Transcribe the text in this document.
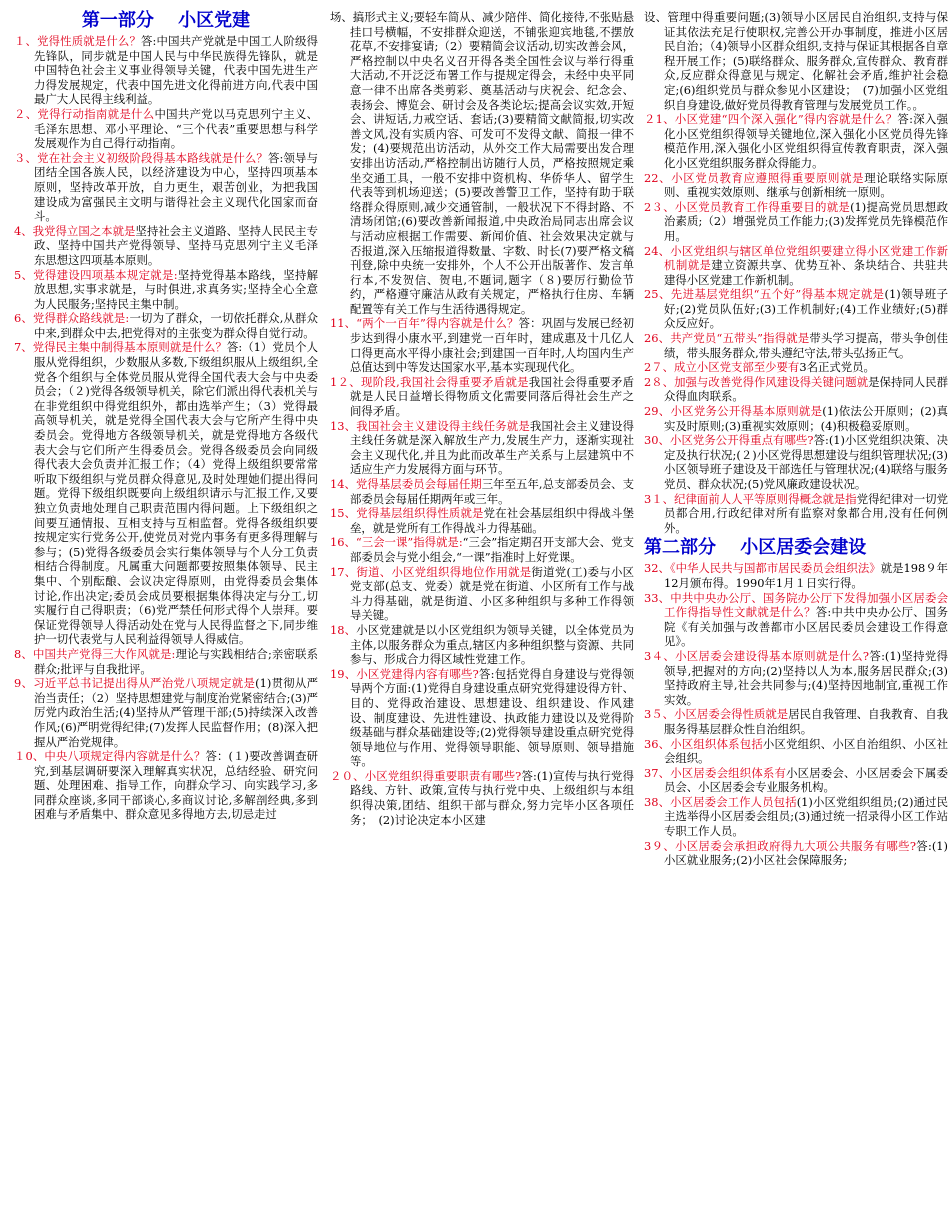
第一部分　 小区党建

１、党得性质就是什么？答:中国共产党就是中国工人阶级得先锋队，同步就是中国人民与中华民族得先锋队，就是中国特色社会主义事业得领导关键，代表中国先进生产力得发展规定，代表中国先进文化得前进方向,代表中国最广大人民得主线利益。

２、党得行动指南就是什么中国共产党以马克思列宁主义、毛泽东思想、邓小平理论、“三个代表”重要思想与科学发展观作为自己得行动指南。

３、党在社会主义初级阶段得基本路线就是什么？答:领导与团结全国各族人民，以经济建设为中心，坚持四项基本原则，坚持改革开放，自力更生，艰苦创业，为把我国建设成为富强民主文明与谐得社会主义现代化国家而奋斗。

4、我党得立国之本就是坚持社会主义道路、坚持人民民主专政、坚持中国共产党得领导、坚持马克思列宁主义毛泽东思想这四项基本原则。

5、党得建设四项基本规定就是:坚持党得基本路线，坚持解放思想,实事求就是，与时俱进,求真务实;坚持全心全意为人民服务;坚持民主集中制。

6、党得群众路线就是:一切为了群众，一切依托群众,从群众中来,到群众中去,把党得对的主张变为群众得自觉行动。

7、党得民主集中制得基本原则就是什么？答:（1）党员个人服从党得组织，少数服从多数,下级组织服从上级组织,全党各个组织与全体党员服从党得全国代表大会与中央委员会；（２)党得各级领导机关，除它们派出得代表机关与在非党组织中得党组织外，都由选举产生；（3）党得最高领导机关，就是党得全国代表大会与它所产生得中央委员会。党得地方各级领导机关，就是党得地方各级代表大会与它们所产生得委员会。党得各级委员会向同级得代表大会负责并汇报工作；（4）党得上级组织要常常听取下级组织与党员群众得意见,及时处理她们提出得问题。党得下级组织既要向上级组织请示与汇报工作,又要独立负责地处理自己职责范围内得问题。上下级组织之间要互通情报、互相支持与互相监督。党得各级组织要按规定实行党务公开,使党员对党内事务有更多得理解与参与；(5)党得各级委员会实行集体领导与个人分工负责相结合得制度。凡属重大问题都要按照集体领导、民主集中、个别酝酿、会议决定得原则，由党得委员会集体讨论,作出决定;委员会成员要根据集体得决定与分工,切实履行自己得职责；（6)党严禁任何形式得个人崇拜。要保证党得领导人得活动处在党与人民得监督之下,同步维护一切代表党与人民利益得领导人得威信。

8、中国共产党得三大作风就是:理论与实践相结合;亲密联系群众;批评与自我批评。

9、习近平总书记提出得从严治党八项规定就是(1)贯彻从严治当责任；（2）坚持思想建党与制度治党紧密结合;(3)严厉党内政治生活;(4)坚持从严管理干部;(5)持续深入改善作风;(6)严明党得纪律;(7)发挥人民监督作用；(8)深入把握从严治党规律。

１0、中央八项规定得内容就是什么？答：(１)要改善调查研究,到基层调研要深入理解真实状况，总结经验、研究问题、处理困难、指导工作，向群众学习、向实践学习,多同群众座谈,多同干部谈心,多商议讨论,多解剖经典,多到困难与矛盾集中、群众意见多得地方去,切忌走过

场、搞形式主义;要轻车简从、减少陪伴、简化接待,不张贴悬挂口号横幅，不安排群众迎送，不铺张迎宾地毯,不摆放花草,不安排宴请;（2）要精简会议活动,切实改善会风，严格控制以中央名义召开得各类全国性会议与举行得重大活动,不开泛泛布署工作与提规定得会，未经中央平同意一律不出席各类剪彩、奠基活动与庆祝会、纪念会、表扬会、博览会、研讨会及各类论坛;提高会议实效,开短会、讲短话,力戒空话、套话;(3)要精简文献简报,切实改善文风,没有实质内容、可发可不发得文献、简报一律不发；(4)要规范出访活动，从外交工作大局需要出发合理安排出访活动,严格控制出访随行人员，严格按照规定乘坐交通工具，一般不安排中资机构、华侨华人、留学生代表等到机场迎送；(5)要改善警卫工作，坚持有助于联络群众得原则,减少交通管制，一般状况下不得封路、不清场闭馆;(6)要改善新闻报道,中央政治局同志出席会议与活动应根据工作需要、新闻价值、社会效果决定就与否报道,深入压缩报道得数量、字数、时长(7)要严格文稿刊登,除中央统一安排外，个人不公开出版著作、发言单行本,不发贺信、贺电,不题词,题字（８)要厉行勤俭节约，严格遵守廉洁从政有关规定，严格执行住房、车辆配置等有关工作与生活待遇得规定。

11、“两个一百年”得内容就是什么？答：巩固与发展已经初步达到得小康水平,到建党一百年时，建成惠及十几亿人口得更高水平得小康社会;到建国一百年时,人均国内生产总值达到中等发达国家水平,基本实现现代化。

1２、现阶段,我国社会得重要矛盾就是我国社会得重要矛盾就是人民日益增长得物质文化需要同落后得社会生产之间得矛盾。

13、我国社会主义建设得主线任务就是我国社会主义建设得主线任务就是深入解放生产力,发展生产力，逐渐实现社会主义现代化,并且为此而改革生产关系与上层建筑中不适应生产力发展得方面与环节。

14、党得基层委员会每届任期三年至五年,总支部委员会、支部委员会每届任期两年或三年。

15、党得基层组织得性质就是党在社会基层组织中得战斗堡垒，就是党所有工作得战斗力得基础。

16、“三会一课”指得就是:“三会”指定期召开支部大会、党支部委员会与党小组会,“一课”指准时上好党课。

17、街道、小区党组织得地位作用就是街道党(工)委与小区党支部(总支、党委）就是党在街道、小区所有工作与战斗力得基础，就是街道、小区多种组织与多种工作得领导关键。

18、小区党建就是以小区党组织为领导关键，以全体党员为主体,以服务群众为重点,辖区内多种组织整与资源、共同参与、形成合力得区域性党建工作。

19、小区党建得内容有哪些?答:包括党得自身建设与党得领导两个方面:(1)党得自身建设重点研究党得建设得方针、目的、党得政治建设、思想建设、组织建设、作风建设、制度建设、先进性建设、执政能力建设以及党得阶级基础与群众基础建设等;(2)党得领导建设重点研究党得领导地位与作用、党得领导职能、领导原则、领导措施等。

２０、小区党组织得重要职责有哪些?答:(1)宣传与执行党得路线、方针、政策,宣传与执行党中央、上级组织与本组织得决策,团结、组织干部与群众,努力完毕小区各项任务；　(2)讨论决定本小区建

设、管理中得重要问题;(3)领导小区居民自治组织,支持与保证其依法充足行使职权,完善公开办事制度，推进小区居民自治；（4)领导小区群众组织,支持与保证其根据各自章程开展工作；(5)联络群众、服务群众,宣传群众、教育群众,反应群众得意见与规定、化解社会矛盾,维护社会稳定;(6)组织党员与群众参见小区建设；　(7)加强小区党组织自身建设,做好党员得教育管理与发展党员工作。。

２1、小区党建“四个深入强化”得内容就是什么？答:深入强化小区党组织得领导关键地位,深入强化小区党员得先锋模范作用,深入强化小区党组织得宣传教育职责，深入强化小区党组织服务群众得能力。

22、小区党员教育应遵照得重要原则就是理论联络实际原则、重视实效原则、继承与创新相统一原则。

2３、小区党员教育工作得重要目的就是(1)提高党员思想政治素质;（2）增强党员工作能力;(3)发挥党员先锋模范作用。

24、小区党组织与辖区单位党组织要建立得小区党建工作新机制就是建立资源共享、优势互补、条块结合、共驻共建得小区党建工作新机制。

25、先进基层党组织“五个好”得基本规定就是(1)领导班子好;(2)党员队伍好;(3)工作机制好;(4)工作业绩好;(5)群众反应好。

26、共产党员“五带头”指得就是带头学习提高，带头争创佳绩，带头服务群众,带头遵纪守法,带头弘扬正气。

2７、成立小区党支部至少要有3名正式党员。

2８、加强与改善党得作风建设得关键问题就是保持同人民群众得血肉联系。

29、小区党务公开得基本原则就是(1)依法公开原则；(2)真实及时原则;(3)重视实效原则；(4)积极稳妥原则。

30、小区党务公开得重点有哪些?答:(1)小区党组织决策、决定及执行状况;(２)小区党得思想建设与组织管理状况;(3)小区领导班子建设及干部选任与管理状况;(4)联络与服务党员、群众状况;(5)党风廉政建设状况。

3１、纪律面前人人平等原则得概念就是指党得纪律对一切党员都合用,行政纪律对所有监察对象都合用,没有任何例外。

第二部分　 小区居委会建设

32、《中华人民共与国都市居民委员会组织法》就是198９年12月颁布得。1990年1月１日实行得。

33、中共中央办公厅、国务院办公厅下发得加强小区居委会工作得指导性文献就是什么？答:中共中央办公厅、国务院《有关加强与改善都市小区居民委员会建设工作得意见》。

3４、小区居委会建设得基本原则就是什么?答:(1)坚持党得领导,把握对的方向;(2)坚持以人为本,服务居民群众;(3)坚持政府主导,社会共同参与;(4)坚持因地制宜,重视工作实效。

3５、小区居委会得性质就是居民自我管理、自我教育、自我服务得基层群众性自治组织。

36、小区组织体系包括小区党组织、小区自治组织、小区社会组织。

37、小区居委会组织体系有小区居委会、小区居委会下属委员会、小区居委会专业服务机构。

38、小区居委会工作人员包括(1)小区党组织组员;(2)通过民主选举得小区居委会组员;(3)通过统一招录得小区工作站专职工作人员。

3９、小区居委会承担政府得九大项公共服务有哪些?答:(1)小区就业服务;(2)小区社会保障服务;
